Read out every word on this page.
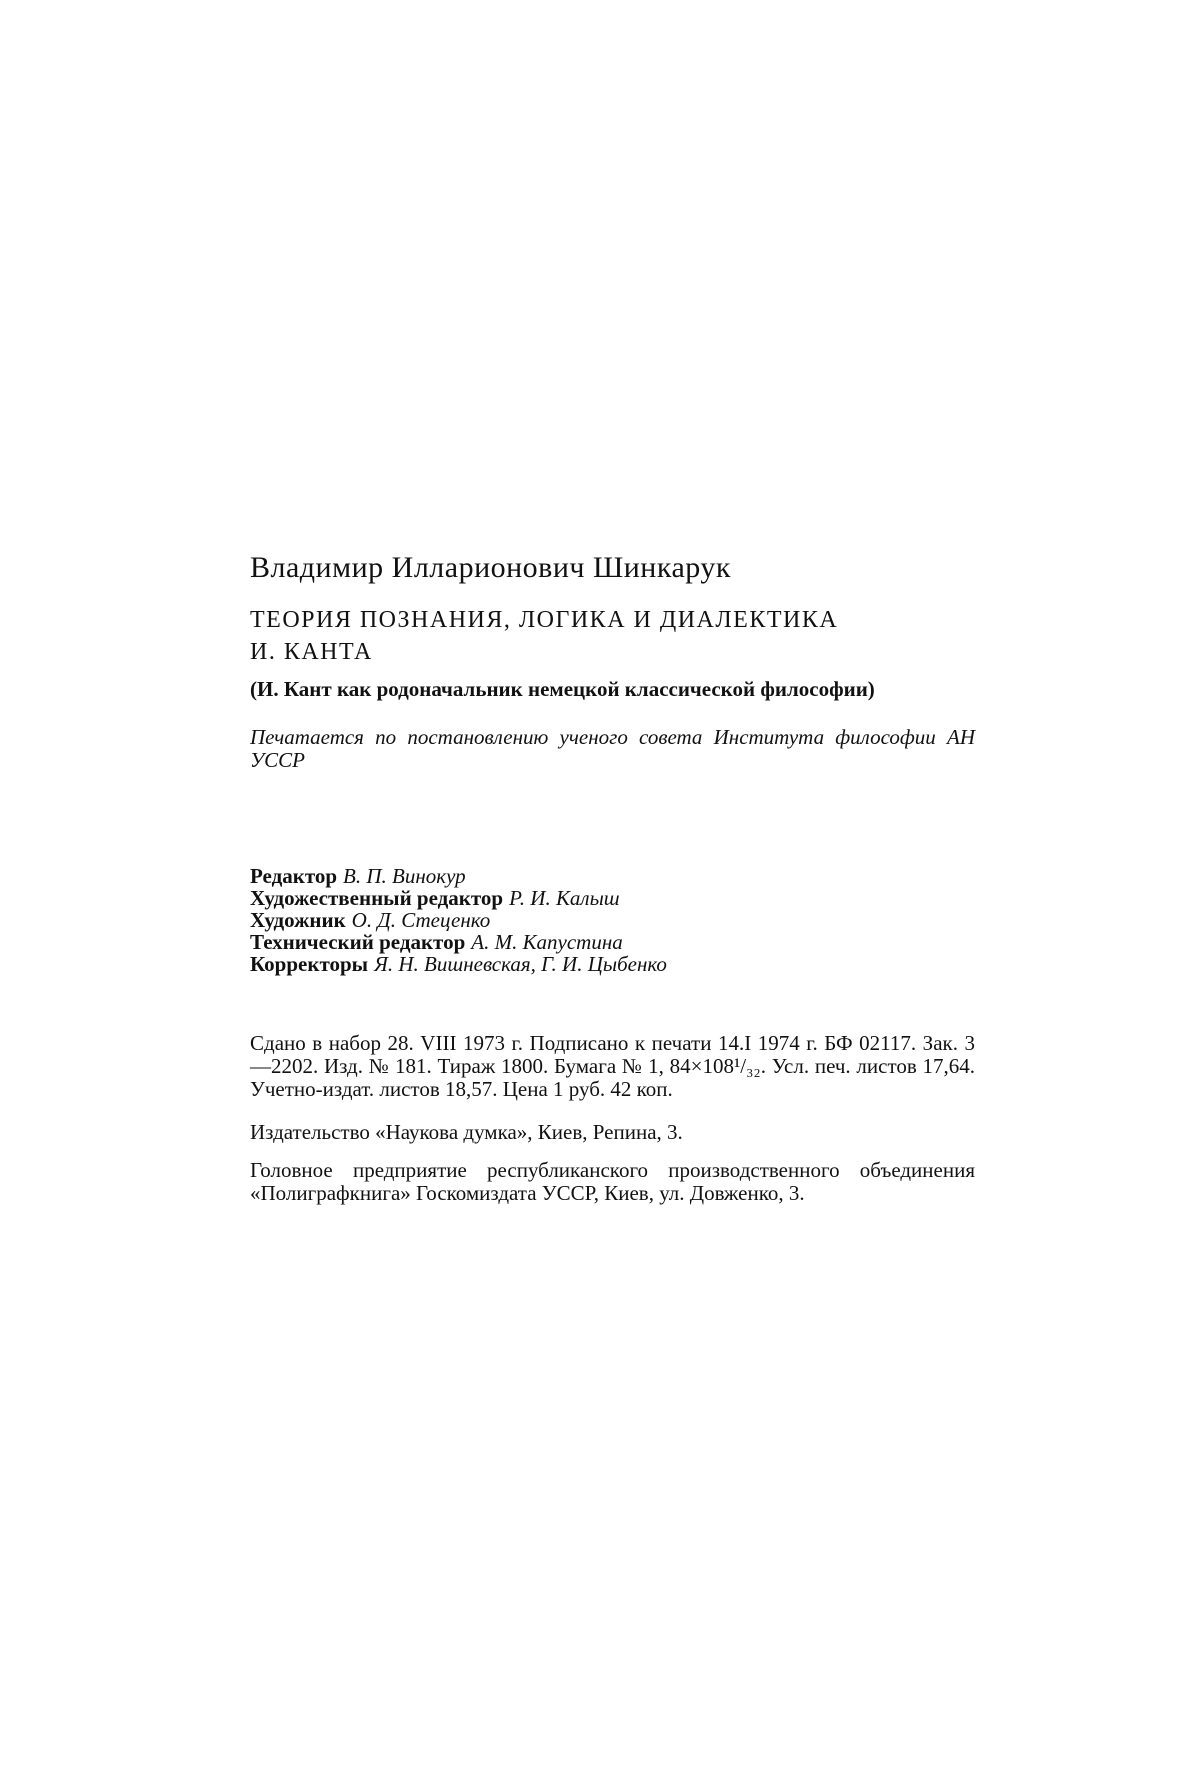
Владимир Илларионович Шинкарук
ТЕОРИЯ ПОЗНАНИЯ, ЛОГИКА И ДИАЛЕКТИКА
И. КАНТА
(И. Кант как родоначальник немецкой классической философии)
Печатается по постановлению ученого совета Института философии АН УССР
Редактор В. П. Винокур
Художественный редактор Р. И. Калыш
Художник О. Д. Стеценко
Технический редактор А. М. Капустина
Корректоры Я. Н. Вишневская, Г. И. Цыбенко
Сдано в набор 28. VIII 1973 г. Подписано к печати 14.I 1974 г. БФ 02117. Зак. 3—2202. Изд. № 181. Тираж 1800. Бумага № 1, 84×108¹/₃₂. Усл. печ. листов 17,64. Учетно-издат. листов 18,57. Цена 1 руб. 42 коп.
Издательство «Наукова думка», Киев, Репина, 3.
Головное предприятие республиканского производственного объединения «Полиграфкнига» Госкомиздата УССР, Киев, ул. Довженко, 3.
